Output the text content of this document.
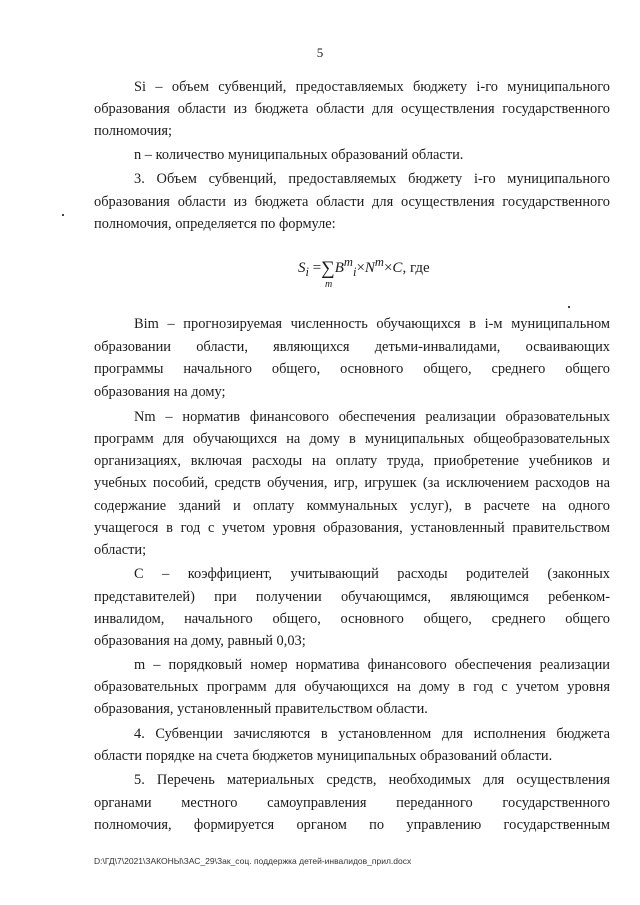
5
Si – объем субвенций, предоставляемых бюджету i-го муниципального
образования области из бюджета области для осуществления государственного
полномочия;
n – количество муниципальных образований области.
3. Объем субвенций, предоставляемых бюджету i-го муниципального
образования области из бюджета области для осуществления государственного
полномочия, определяется по формуле:
Bim – прогнозируемая численность обучающихся в i-м муниципальном
образовании области, являющихся детьми-инвалидами, осваивающих
программы начального общего, основного общего, среднего общего
образования на дому;
Nm – норматив финансового обеспечения реализации образовательных
программ для обучающихся на дому в муниципальных общеобразовательных
организациях, включая расходы на оплату труда, приобретение учебников и
учебных пособий, средств обучения, игр, игрушек (за исключением расходов на
содержание зданий и оплату коммунальных услуг), в расчете на одного
учащегося в год с учетом уровня образования, установленный правительством
области;
С – коэффициент, учитывающий расходы родителей (законных
представителей) при получении обучающимся, являющимся ребенком-
инвалидом, начального общего, основного общего, среднего общего
образования на дому, равный 0,03;
m – порядковый номер норматива финансового обеспечения реализации
образовательных программ для обучающихся на дому в год с учетом уровня
образования, установленный правительством области.
4. Субвенции зачисляются в установленном для исполнения бюджета
области порядке на счета бюджетов муниципальных образований области.
5. Перечень материальных средств, необходимых для осуществления
органами местного самоуправления переданного государственного
полномочия, формируется органом по управлению государственным
$S_i =\sum B^m_i\times N^m\times C$, где
m
D:\ГД\7\2021\ЗАКОНЫ\ЗАС_29\Зак_соц. поддержка детей-инвалидов_прил.docx
